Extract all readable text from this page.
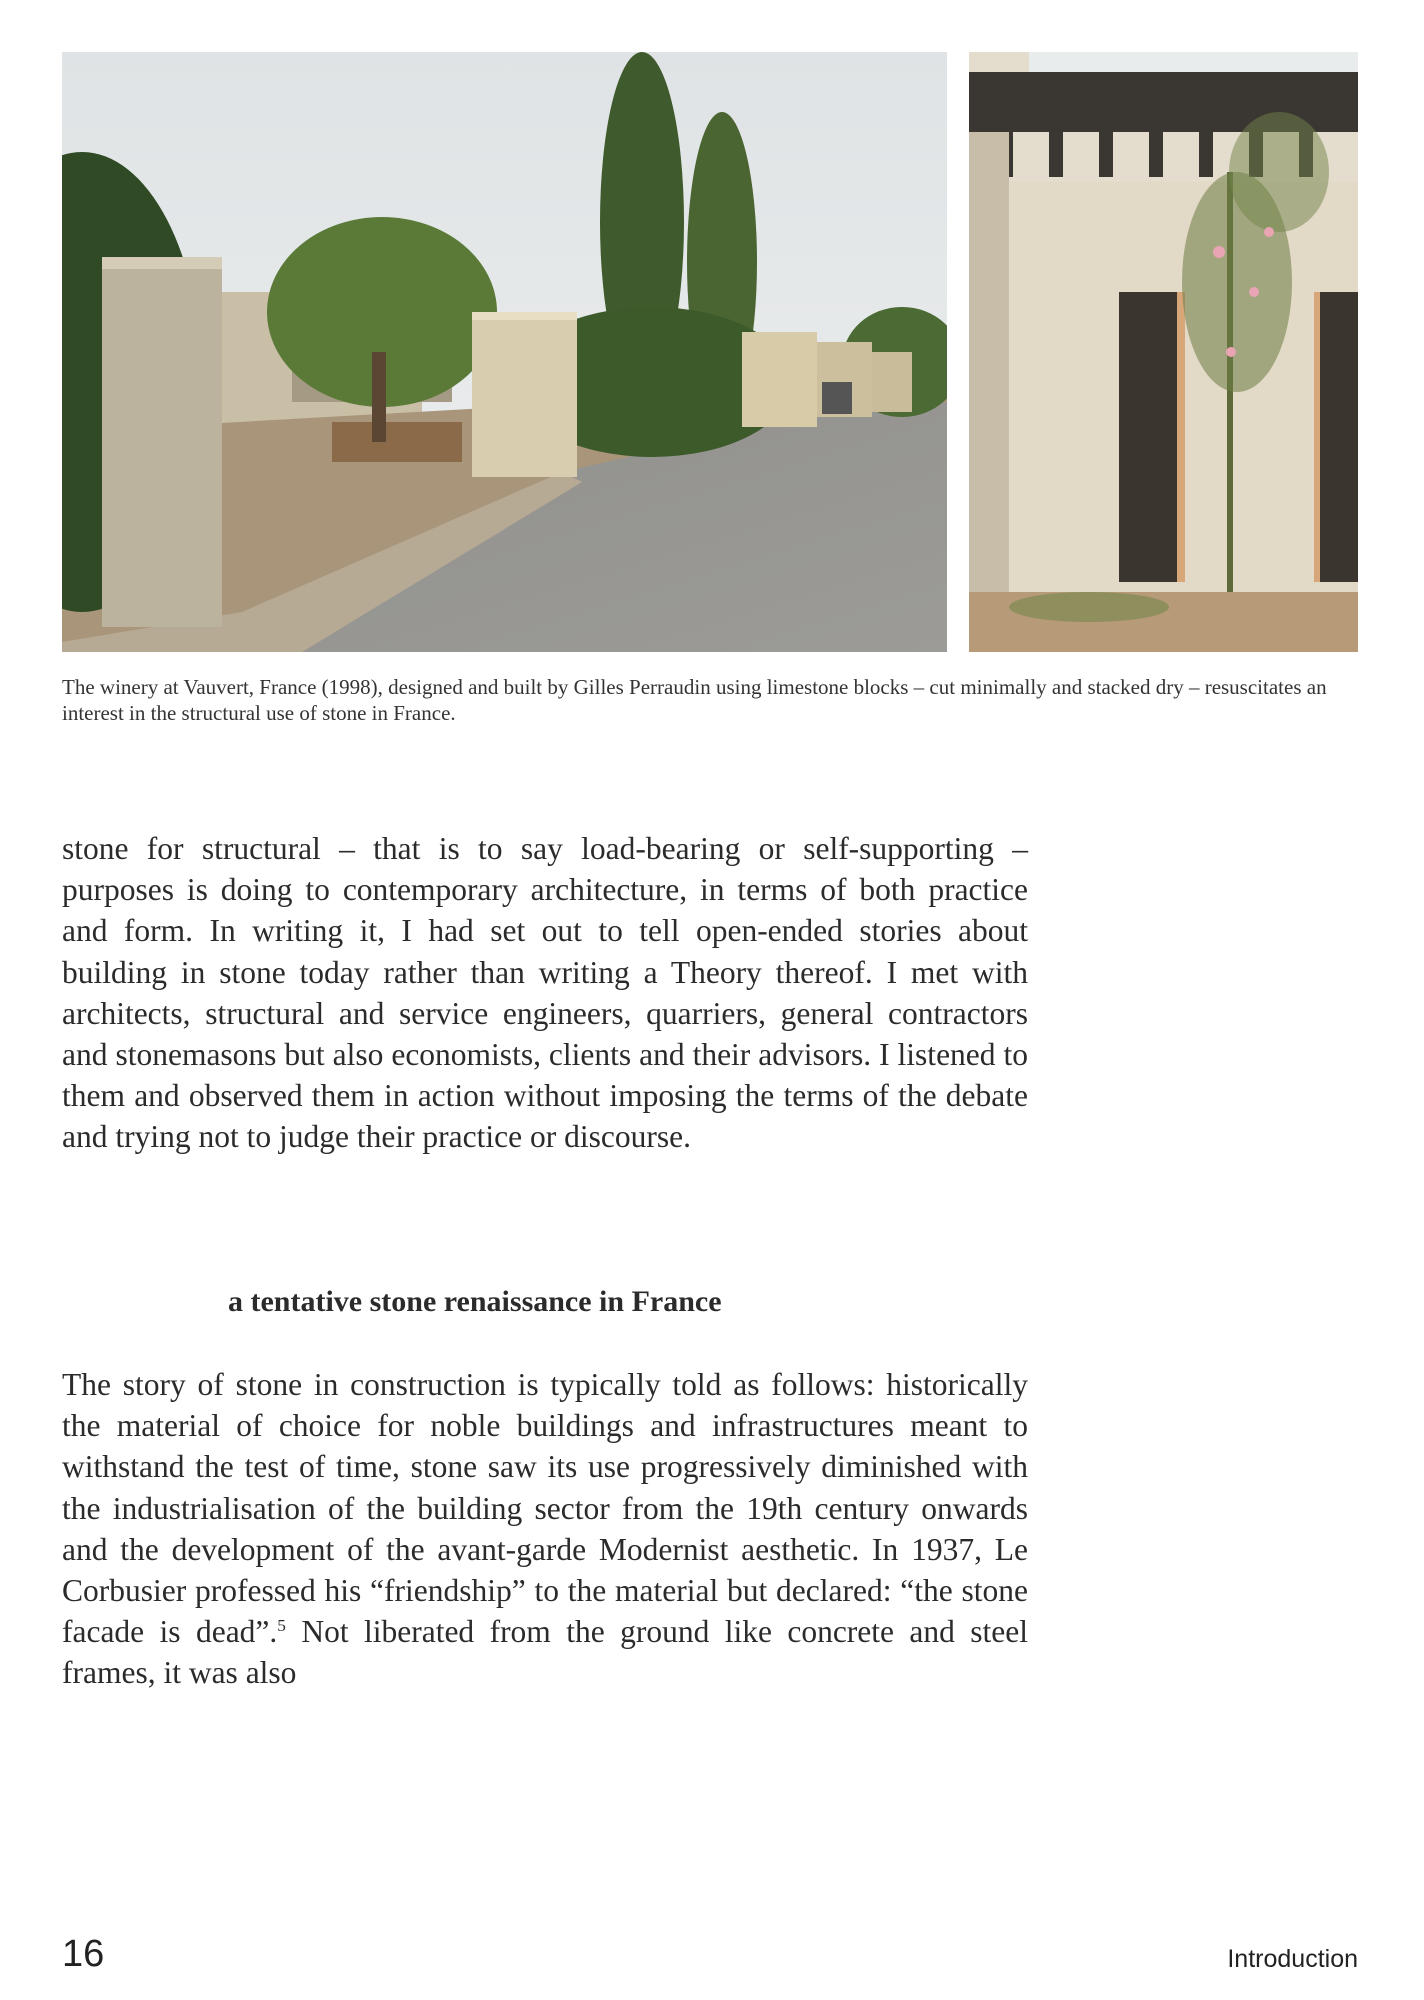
The winery at Vauvert, France (1998), designed and built by Gilles Perraudin using limestone blocks – cut minimally and stacked dry – resuscitates an interest in the structural use of stone in France.

stone for structural – that is to say load-bearing or self-supporting – purposes is doing to contemporary architecture, in terms of both practice and form. In writing it, I had set out to tell open-ended stories about building in stone today rather than writing a Theory thereof. I met with architects, structural and service engineers, quarriers, general contractors and stonemasons but also economists, clients and their advisors. I listened to them and observed them in action without imposing the terms of the debate and trying not to judge their practice or discourse.

a tentative stone renaissance in France

The story of stone in construction is typically told as follows: historically the material of choice for noble buildings and infrastructures meant to withstand the test of time, stone saw its use progressively diminished with the industrialisation of the building sector from the 19th century onwards and the development of the avant-garde Modernist aesthetic. In 1937, Le Corbusier professed his “friendship” to the material but declared: “the stone facade is dead”.$^5$ Not liberated from the ground like concrete and steel frames, it was also

16	Introduction
